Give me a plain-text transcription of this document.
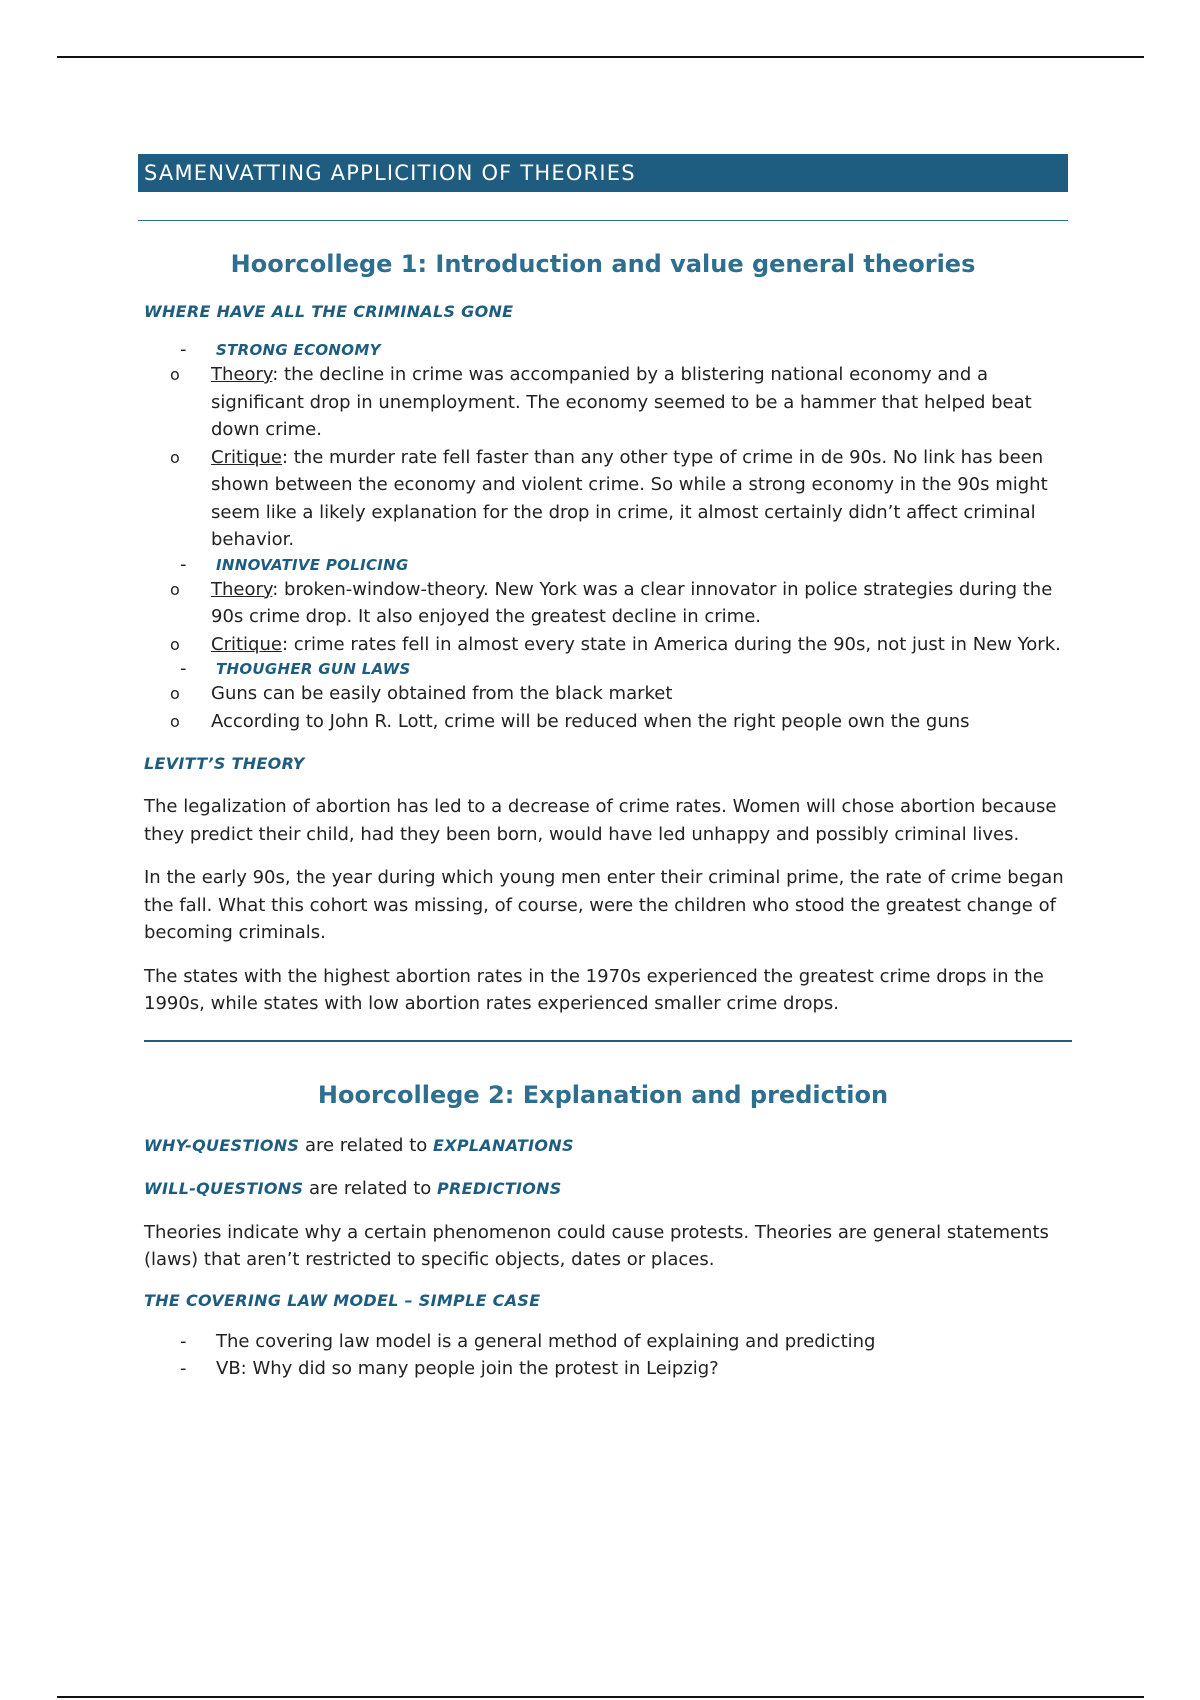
SAMENVATTING APPLICITION OF THEORIES
Hoorcollege 1: Introduction and value general theories
WHERE HAVE ALL THE CRIMINALS GONE
- STRONG ECONOMY
o Theory: the decline in crime was accompanied by a blistering national economy and a significant drop in unemployment. The economy seemed to be a hammer that helped beat down crime.
o Critique: the murder rate fell faster than any other type of crime in de 90s. No link has been shown between the economy and violent crime. So while a strong economy in the 90s might seem like a likely explanation for the drop in crime, it almost certainly didn’t affect criminal behavior.
- INNOVATIVE POLICING
o Theory: broken-window-theory. New York was a clear innovator in police strategies during the 90s crime drop. It also enjoyed the greatest decline in crime.
o Critique: crime rates fell in almost every state in America during the 90s, not just in New York.
- THOUGHER GUN LAWS
o Guns can be easily obtained from the black market
o According to John R. Lott, crime will be reduced when the right people own the guns
LEVITT’S THEORY

The legalization of abortion has led to a decrease of crime rates. Women will chose abortion because they predict their child, had they been born, would have led unhappy and possibly criminal lives.

In the early 90s, the year during which young men enter their criminal prime, the rate of crime began the fall. What this cohort was missing, of course, were the children who stood the greatest change of becoming criminals.

The states with the highest abortion rates in the 1970s experienced the greatest crime drops in the 1990s, while states with low abortion rates experienced smaller crime drops.

Hoorcollege 2: Explanation and prediction

WHY-QUESTIONS are related to EXPLANATIONS

WILL-QUESTIONS are related to PREDICTIONS

Theories indicate why a certain phenomenon could cause protests. Theories are general statements (laws) that aren’t restricted to specific objects, dates or places.

THE COVERING LAW MODEL – SIMPLE CASE
- The covering law model is a general method of explaining and predicting
- VB: Why did so many people join the protest in Leipzig?
